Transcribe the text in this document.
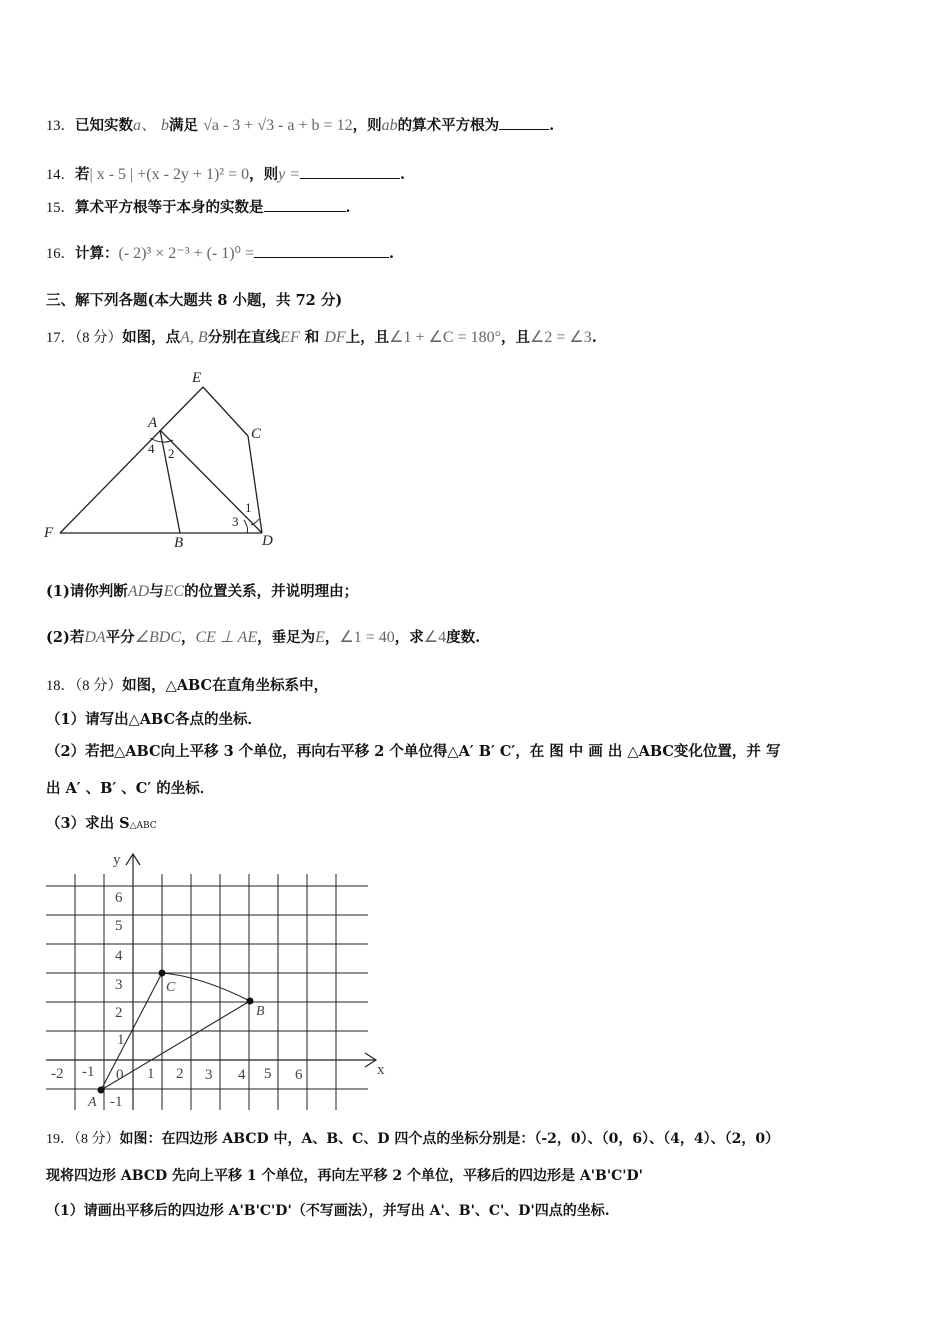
13．已知实数a、 b满足 √a - 3 + √3 - a + b = 12，则ab的算术平方根为	.
14．若| x - 5 | +(x - 2y + 1)² = 0，则y =	.
15．算术平方根等于本身的实数是	.
16．计算：(- 2)³ × 2⁻³ + (- 1)⁰ =	.
三、解下列各题(本大题共 8 小题，共 72 分)
17．（8 分）如图，点A, B分别在直线EF 和 DF上，且∠1 + ∠C = 180°，且∠2 = ∠3.
E
A
C
F
B	D
4 2
3
1
(1)请你判断AD与EC的位置关系，并说明理由；
(2)若DA平分∠BDC，CE ⊥ AE，垂足为E，∠1 = 40，求∠4度数.
18．（8 分）如图，△ABC在直角坐标系中，
（1）请写出△ABC各点的坐标．
（2）若把△ABC向上平移 3 个单位，再向右平移 2 个单位得△A′ B′ C′，在 图 中 画 出 △ABC变化位置，并 写
出 A′ 、B′ 、C′ 的坐标．
（3）求出 S△ABC
y
x
6
5
4
3
2
1
-1
-2 -1 0 1 2 3 4 5 6
A
B
C
19．（8 分）如图：在四边形 ABCD 中，A、B、C、D 四个点的坐标分别是：（-2，0）、（0，6）、（4，4）、（2，0）
现将四边形 ABCD 先向上平移 1 个单位，再向左平移 2 个单位，平移后的四边形是 A'B'C'D'
（1）请画出平移后的四边形 A'B'C'D'（不写画法），并写出 A'、B'、C'、D'四点的坐标.
